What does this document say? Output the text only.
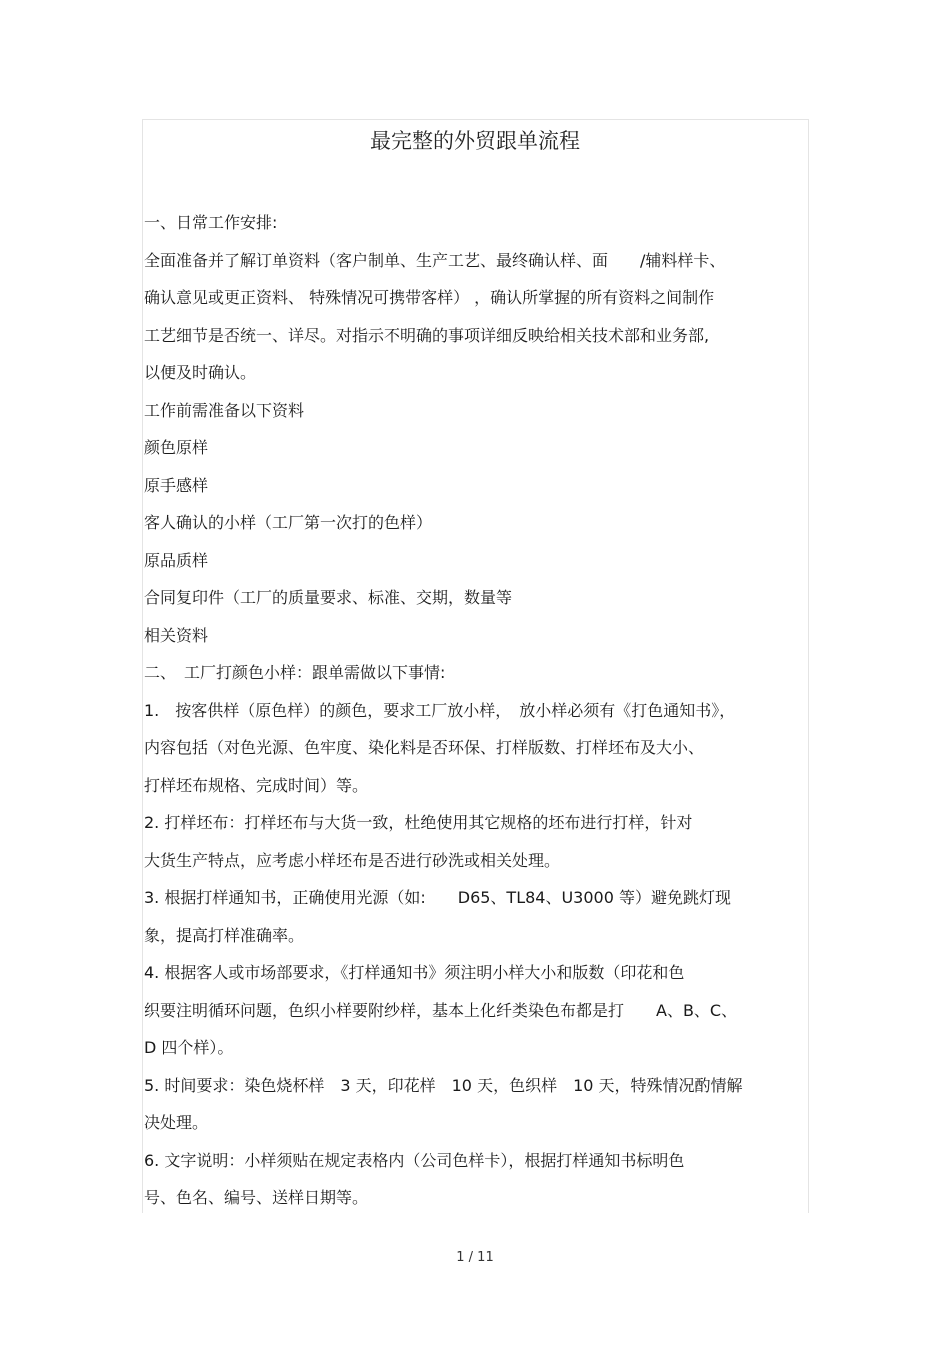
最完整的外贸跟单流程
一、日常工作安排:
全面准备并了解订单资料（客户制单、生产工艺、最终确认样、面　　/辅料样卡、
确认意见或更正资料、 特殊情况可携带客样） ，确认所掌握的所有资料之间制作
工艺细节是否统一、详尽。对指示不明确的事项详细反映给相关技术部和业务部,
以便及时确认。
工作前需准备以下资料
颜色原样
原手感样
客人确认的小样（工厂第一次打的色样）
原品质样
合同复印件（工厂的质量要求、标准、交期，数量等
相关资料
二、　工厂打颜色小样：跟单需做以下事情:
1.　按客供样（原色样）的颜色，要求工厂放小样，　放小样必须有《打色通知书》，
内容包括（对色光源、色牢度、染化料是否环保、打样版数、打样坯布及大小、
打样坯布规格、完成时间）等。
2. 打样坯布：打样坯布与大货一致，杜绝使用其它规格的坯布进行打样，针对
大货生产特点，应考虑小样坯布是否进行砂洗或相关处理。
3. 根据打样通知书，正确使用光源（如:　　D65、TL84、U3000 等）避免跳灯现
象，提高打样准确率。
4. 根据客人或市场部要求，《打样通知书》须注明小样大小和版数（印花和色
织要注明循环问题，色织小样要附纱样，基本上化纤类染色布都是打　　A、B、C、
D 四个样）。
5. 时间要求：染色烧杯样　3 天，印花样　10 天，色织样　10 天，特殊情况酌情解
决处理。
6. 文字说明：小样须贴在规定表格内（公司色样卡），根据打样通知书标明色
号、色名、编号、送样日期等。
1 / 11
